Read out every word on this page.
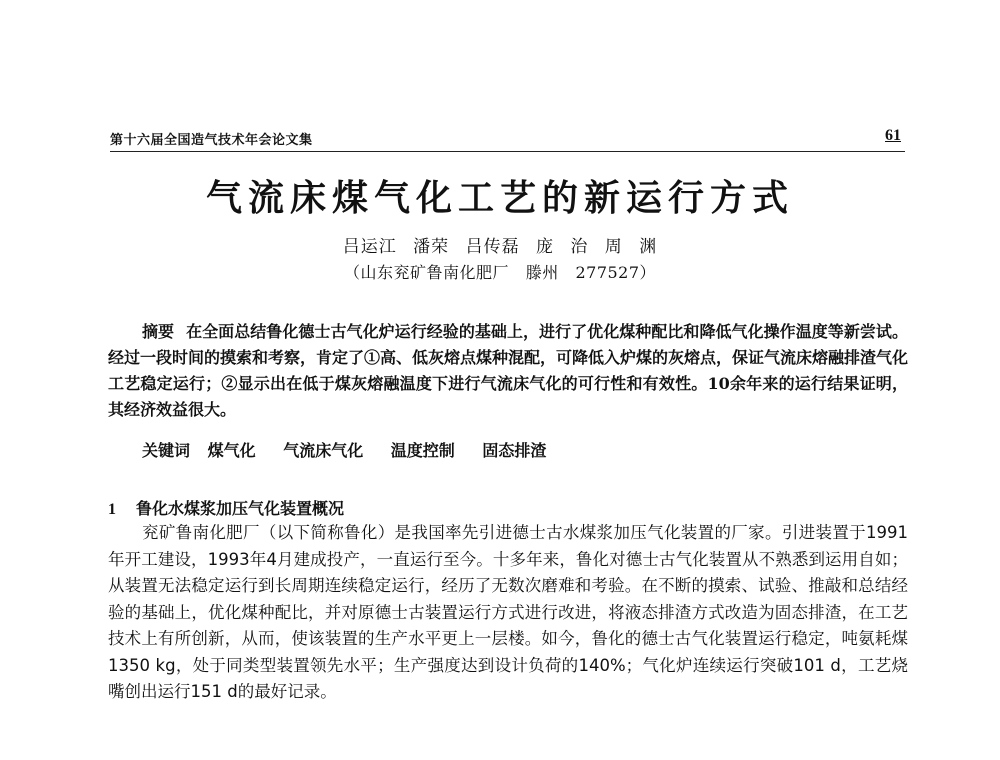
第十六届全国造气技术年会论文集	61
气流床煤气化工艺的新运行方式
吕运江 潘荣 吕传磊 庞 治 周 渊
（山东兖矿鲁南化肥厂   滕州   277527）
摘要 在全面总结鲁化德士古气化炉运行经验的基础上，进行了优化煤种配比和降低气化操作温度等新尝试。经过一段时间的摸索和考察，肯定了①高、低灰熔点煤种混配，可降低入炉煤的灰熔点，保证气流床熔融排渣气化工艺稳定运行；②显示出在低于煤灰熔融温度下进行气流床气化的可行性和有效性。10余年来的运行结果证明，其经济效益很大。
关键词 煤气化 气流床气化 温度控制 固态排渣
1 鲁化水煤浆加压气化装置概况
兖矿鲁南化肥厂（以下简称鲁化）是我国率先引进德士古水煤浆加压气化装置的厂家。引进装置于1991年开工建设，1993年4月建成投产，一直运行至今。十多年来，鲁化对德士古气化装置从不熟悉到运用自如；从装置无法稳定运行到长周期连续稳定运行，经历了无数次磨难和考验。在不断的摸索、试验、推敲和总结经验的基础上，优化煤种配比，并对原德士古装置运行方式进行改进，将液态排渣方式改造为固态排渣，在工艺技术上有所创新，从而，使该装置的生产水平更上一层楼。如今，鲁化的德士古气化装置运行稳定，吨氨耗煤1350 kg，处于同类型装置领先水平；生产强度达到设计负荷的140%；气化炉连续运行突破101 d，工艺烧嘴创出运行151 d的最好记录。
